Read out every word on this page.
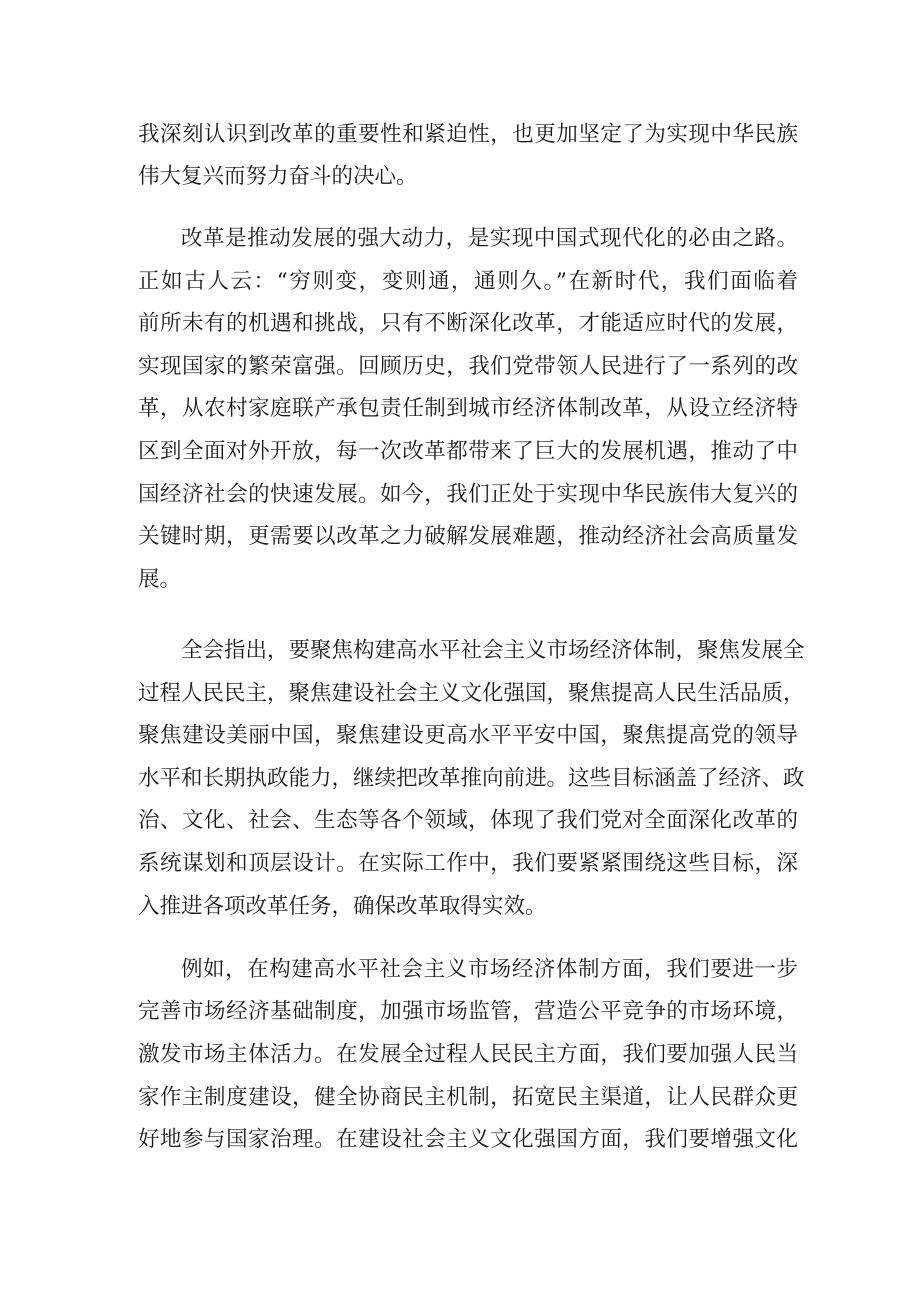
我深刻认识到改革的重要性和紧迫性，也更加坚定了为实现中华民族
伟大复兴而努力奋斗的决心。
改革是推动发展的强大动力，是实现中国式现代化的必由之路。
正如古人云：“穷则变，变则通，通则久。”在新时代，我们面临着
前所未有的机遇和挑战，只有不断深化改革，才能适应时代的发展，
实现国家的繁荣富强。回顾历史，我们党带领人民进行了一系列的改
革，从农村家庭联产承包责任制到城市经济体制改革，从设立经济特
区到全面对外开放，每一次改革都带来了巨大的发展机遇，推动了中
国经济社会的快速发展。如今，我们正处于实现中华民族伟大复兴的
关键时期，更需要以改革之力破解发展难题，推动经济社会高质量发
展。
全会指出，要聚焦构建高水平社会主义市场经济体制，聚焦发展全
过程人民民主，聚焦建设社会主义文化强国，聚焦提高人民生活品质，
聚焦建设美丽中国，聚焦建设更高水平平安中国，聚焦提高党的领导
水平和长期执政能力，继续把改革推向前进。这些目标涵盖了经济、政
治、文化、社会、生态等各个领域，体现了我们党对全面深化改革的
系统谋划和顶层设计。在实际工作中，我们要紧紧围绕这些目标，深
入推进各项改革任务，确保改革取得实效。
例如，在构建高水平社会主义市场经济体制方面，我们要进一步
完善市场经济基础制度，加强市场监管，营造公平竞争的市场环境，
激发市场主体活力。在发展全过程人民民主方面，我们要加强人民当
家作主制度建设，健全协商民主机制，拓宽民主渠道，让人民群众更
好地参与国家治理。在建设社会主义文化强国方面，我们要增强文化
